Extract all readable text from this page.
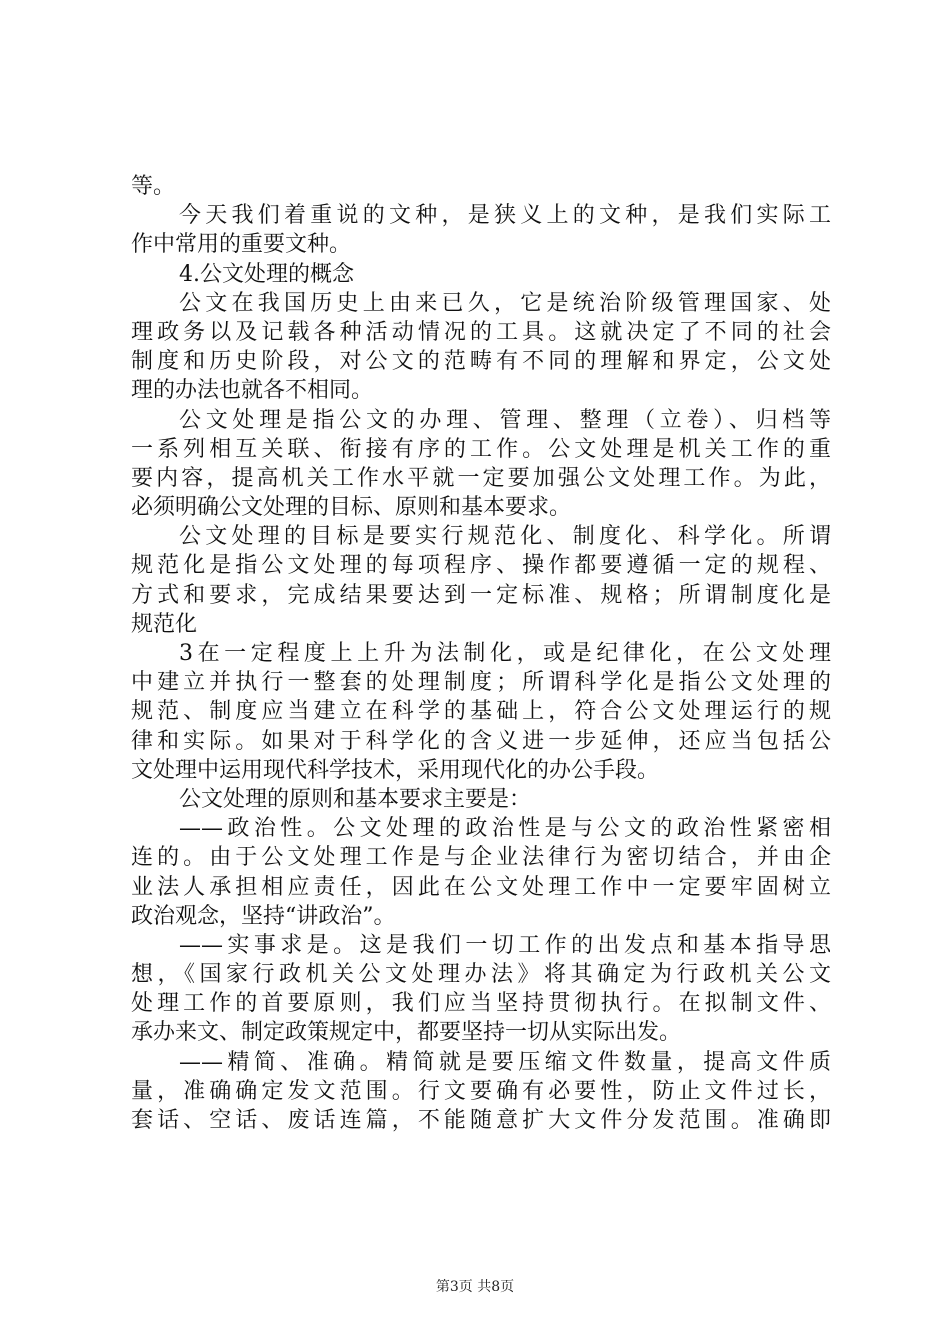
等。
今天我们着重说的文种，是狭义上的文种，是我们实际工
作中常用的重要文种。
4.公文处理的概念
公文在我国历史上由来已久，它是统治阶级管理国家、处
理政务以及记载各种活动情况的工具。这就决定了不同的社会
制度和历史阶段，对公文的范畴有不同的理解和界定，公文处
理的办法也就各不相同。
公文处理是指公文的办理、管理、整理（立卷）、归档等
一系列相互关联、衔接有序的工作。公文处理是机关工作的重
要内容，提高机关工作水平就一定要加强公文处理工作。为此，
必须明确公文处理的目标、原则和基本要求。
公文处理的目标是要实行规范化、制度化、科学化。所谓
规范化是指公文处理的每项程序、操作都要遵循一定的规程、
方式和要求，完成结果要达到一定标准、规格；所谓制度化是
规范化
3在一定程度上上升为法制化，或是纪律化，在公文处理
中建立并执行一整套的处理制度；所谓科学化是指公文处理的
规范、制度应当建立在科学的基础上，符合公文处理运行的规
律和实际。如果对于科学化的含义进一步延伸，还应当包括公
文处理中运用现代科学技术，采用现代化的办公手段。
公文处理的原则和基本要求主要是：
——政治性。公文处理的政治性是与公文的政治性紧密相
连的。由于公文处理工作是与企业法律行为密切结合，并由企
业法人承担相应责任，因此在公文处理工作中一定要牢固树立
政治观念，坚持“讲政治”。
——实事求是。这是我们一切工作的出发点和基本指导思
想，《国家行政机关公文处理办法》将其确定为行政机关公文
处理工作的首要原则，我们应当坚持贯彻执行。在拟制文件、
承办来文、制定政策规定中，都要坚持一切从实际出发。
——精简、准确。精简就是要压缩文件数量，提高文件质
量，准确确定发文范围。行文要确有必要性，防止文件过长，
套话、空话、废话连篇，不能随意扩大文件分发范围。准确即
第3页 共8页
